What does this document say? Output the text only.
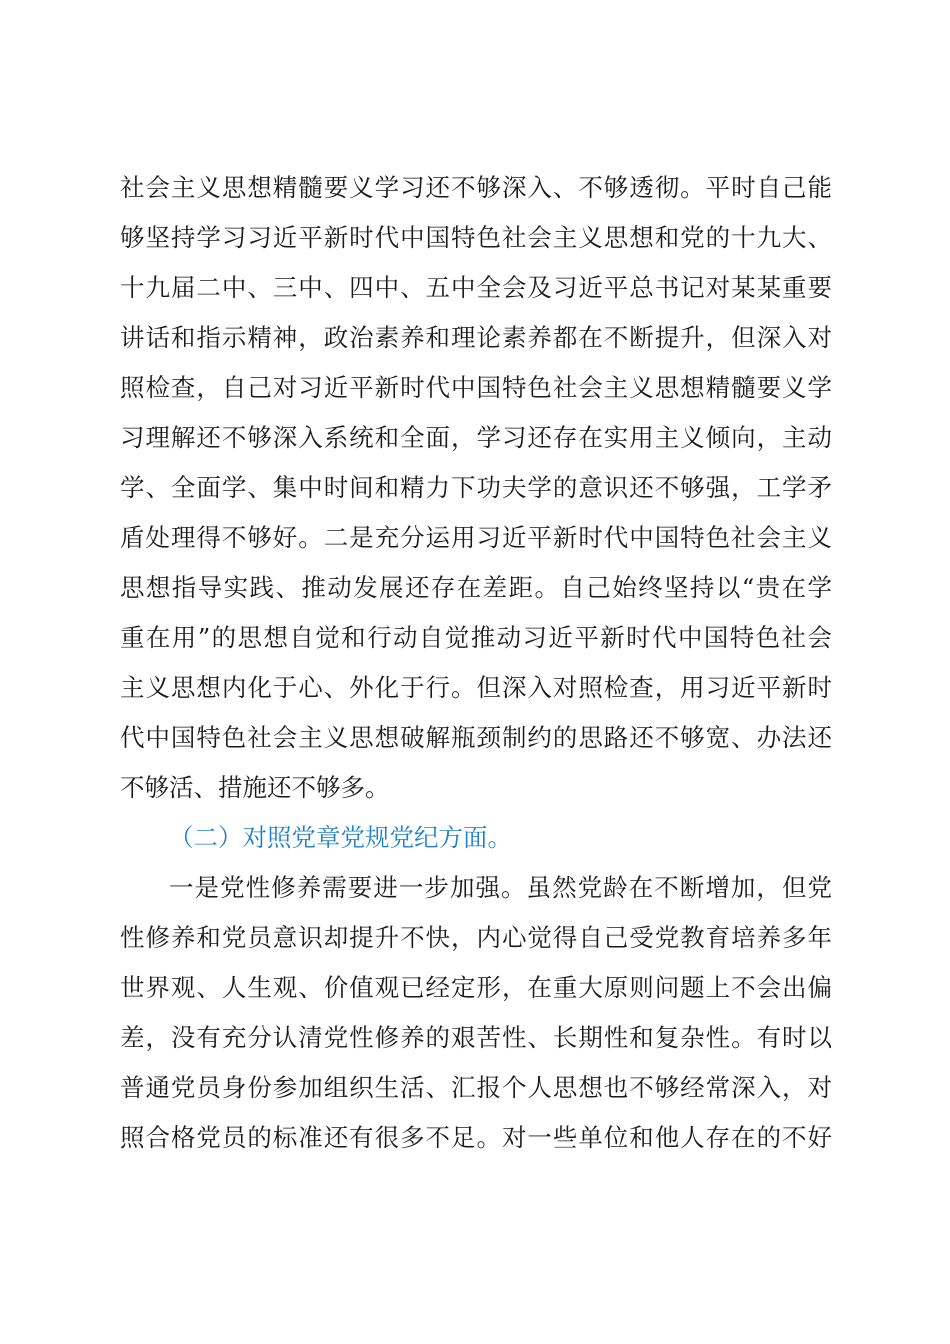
社会主义思想精髓要义学习还不够深入、不够透彻。平时自己能
够坚持学习习近平新时代中国特色社会主义思想和党的十九大、
十九届二中、三中、四中、五中全会及习近平总书记对某某重要
讲话和指示精神，政治素养和理论素养都在不断提升，但深入对
照检查，自己对习近平新时代中国特色社会主义思想精髓要义学
习理解还不够深入系统和全面，学习还存在实用主义倾向，主动
学、全面学、集中时间和精力下功夫学的意识还不够强，工学矛
盾处理得不够好。二是充分运用习近平新时代中国特色社会主义
思想指导实践、推动发展还存在差距。自己始终坚持以“贵在学
重在用”的思想自觉和行动自觉推动习近平新时代中国特色社会
主义思想内化于心、外化于行。但深入对照检查，用习近平新时
代中国特色社会主义思想破解瓶颈制约的思路还不够宽、办法还
不够活、措施还不够多。
（二）对照党章党规党纪方面。
一是党性修养需要进一步加强。虽然党龄在不断增加，但党
性修养和党员意识却提升不快，内心觉得自己受党教育培养多年
世界观、人生观、价值观已经定形，在重大原则问题上不会出偏
差，没有充分认清党性修养的艰苦性、长期性和复杂性。有时以
普通党员身份参加组织生活、汇报个人思想也不够经常深入，对
照合格党员的标准还有很多不足。对一些单位和他人存在的不好
